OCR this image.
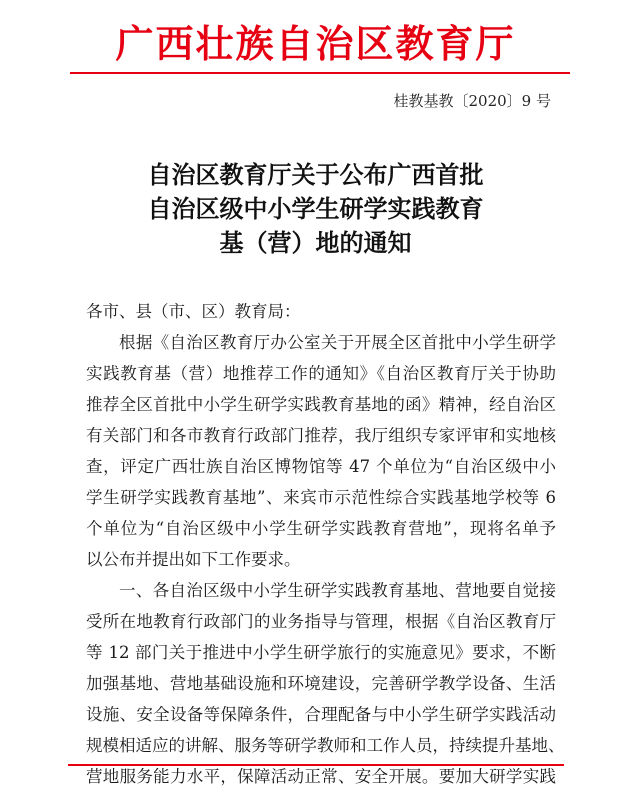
广西壮族自治区教育厅
桂教基教〔2020〕9 号
自治区教育厅关于公布广西首批
自治区级中小学生研学实践教育
基（营）地的通知
各市、县（市、区）教育局：
根据《自治区教育厅办公室关于开展全区首批中小学生研学
实践教育基（营）地推荐工作的通知》《自治区教育厅关于协助
推荐全区首批中小学生研学实践教育基地的函》精神，经自治区
有关部门和各市教育行政部门推荐，我厅组织专家评审和实地核
查，评定广西壮族自治区博物馆等 47 个单位为“自治区级中小
学生研学实践教育基地”、来宾市示范性综合实践基地学校等 6
个单位为“自治区级中小学生研学实践教育营地”，现将名单予
以公布并提出如下工作要求。
一、各自治区级中小学生研学实践教育基地、营地要自觉接
受所在地教育行政部门的业务指导与管理，根据《自治区教育厅
等 12 部门关于推进中小学生研学旅行的实施意见》要求，不断
加强基地、营地基础设施和环境建设，完善研学教学设备、生活
设施、安全设备等保障条件，合理配备与中小学生研学实践活动
规模相适应的讲解、服务等研学教师和工作人员，持续提升基地、
营地服务能力水平，保障活动正常、安全开展。要加大研学实践
